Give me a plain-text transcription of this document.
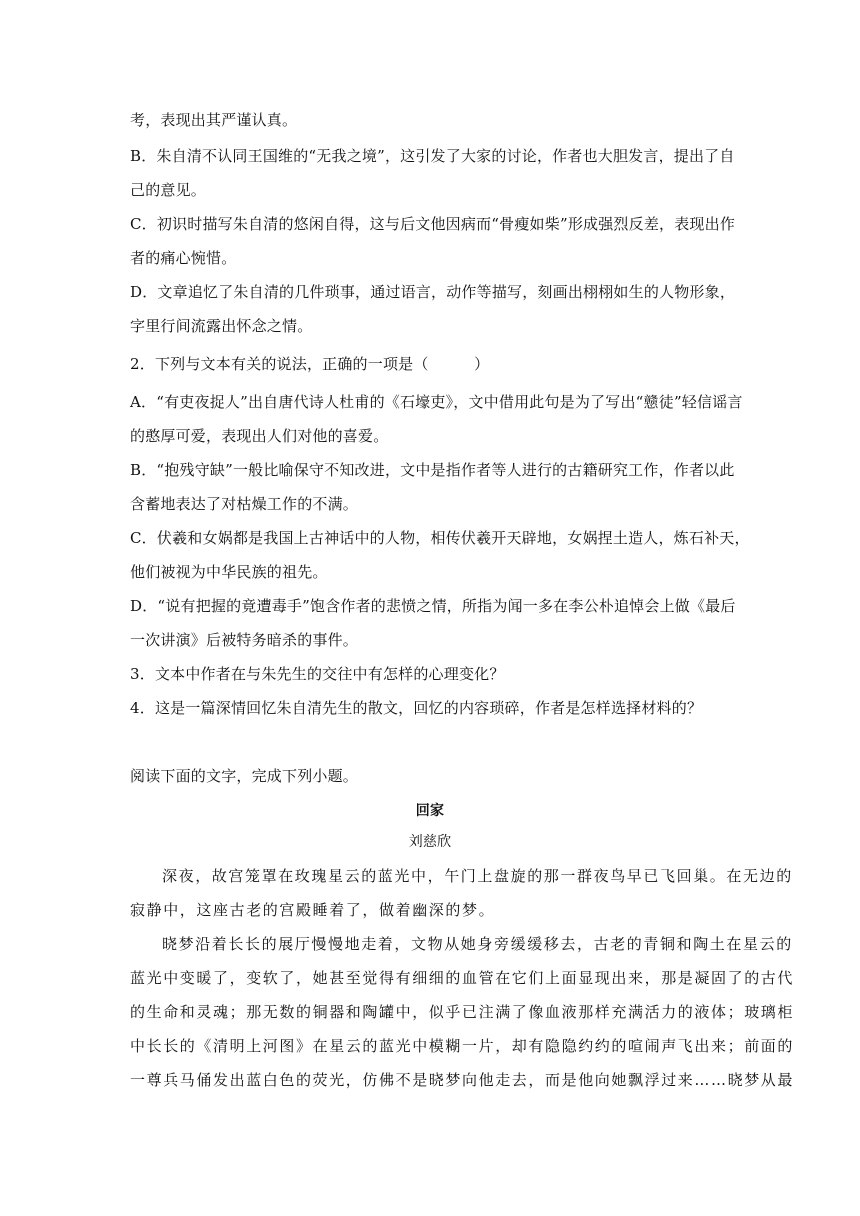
考，表现出其严谨认真。
B．朱自清不认同王国维的“无我之境”，这引发了大家的讨论，作者也大胆发言，提出了自
己的意见。
C．初识时描写朱自清的悠闲自得，这与后文他因病而“骨瘦如柴”形成强烈反差，表现出作
者的痛心惋惜。
D．文章追忆了朱自清的几件琐事，通过语言，动作等描写，刻画出栩栩如生的人物形象，
字里行间流露出怀念之情。
2．下列与文本有关的说法，正确的一项是（　　　）
A．“有吏夜捉人”出自唐代诗人杜甫的《石壕吏》，文中借用此句是为了写出“戆徒”轻信谣言
的憨厚可爱，表现出人们对他的喜爱。
B．“抱残守缺”一般比喻保守不知改进，文中是指作者等人进行的古籍研究工作，作者以此
含蓄地表达了对枯燥工作的不满。
C．伏羲和女娲都是我国上古神话中的人物，相传伏羲开天辟地，女娲捏土造人，炼石补天，
他们被视为中华民族的祖先。
D．“说有把握的竟遭毒手”饱含作者的悲愤之情，所指为闻一多在李公朴追悼会上做《最后
一次讲演》后被特务暗杀的事件。
3．文本中作者在与朱先生的交往中有怎样的心理变化？
4．这是一篇深情回忆朱自清先生的散文，回忆的内容琐碎，作者是怎样选择材料的？
阅读下面的文字，完成下列小题。
回家
刘慈欣
深夜，故宫笼罩在玫瑰星云的蓝光中，午门上盘旋的那一群夜鸟早已飞回巢。在无边的
寂静中，这座古老的宫殿睡着了，做着幽深的梦。
晓梦沿着长长的展厅慢慢地走着，文物从她身旁缓缓移去，古老的青铜和陶土在星云的
蓝光中变暖了，变软了，她甚至觉得有细细的血管在它们上面显现出来，那是凝固了的古代
的生命和灵魂；那无数的铜器和陶罐中，似乎已注满了像血液那样充满活力的液体；玻璃柜
中长长的《清明上河图》在星云的蓝光中模糊一片，却有隐隐约约的喧闹声飞出来；前面的
一尊兵马俑发出蓝白色的荧光，仿佛不是晓梦向他走去，而是他向她飘浮过来……晓梦从最
